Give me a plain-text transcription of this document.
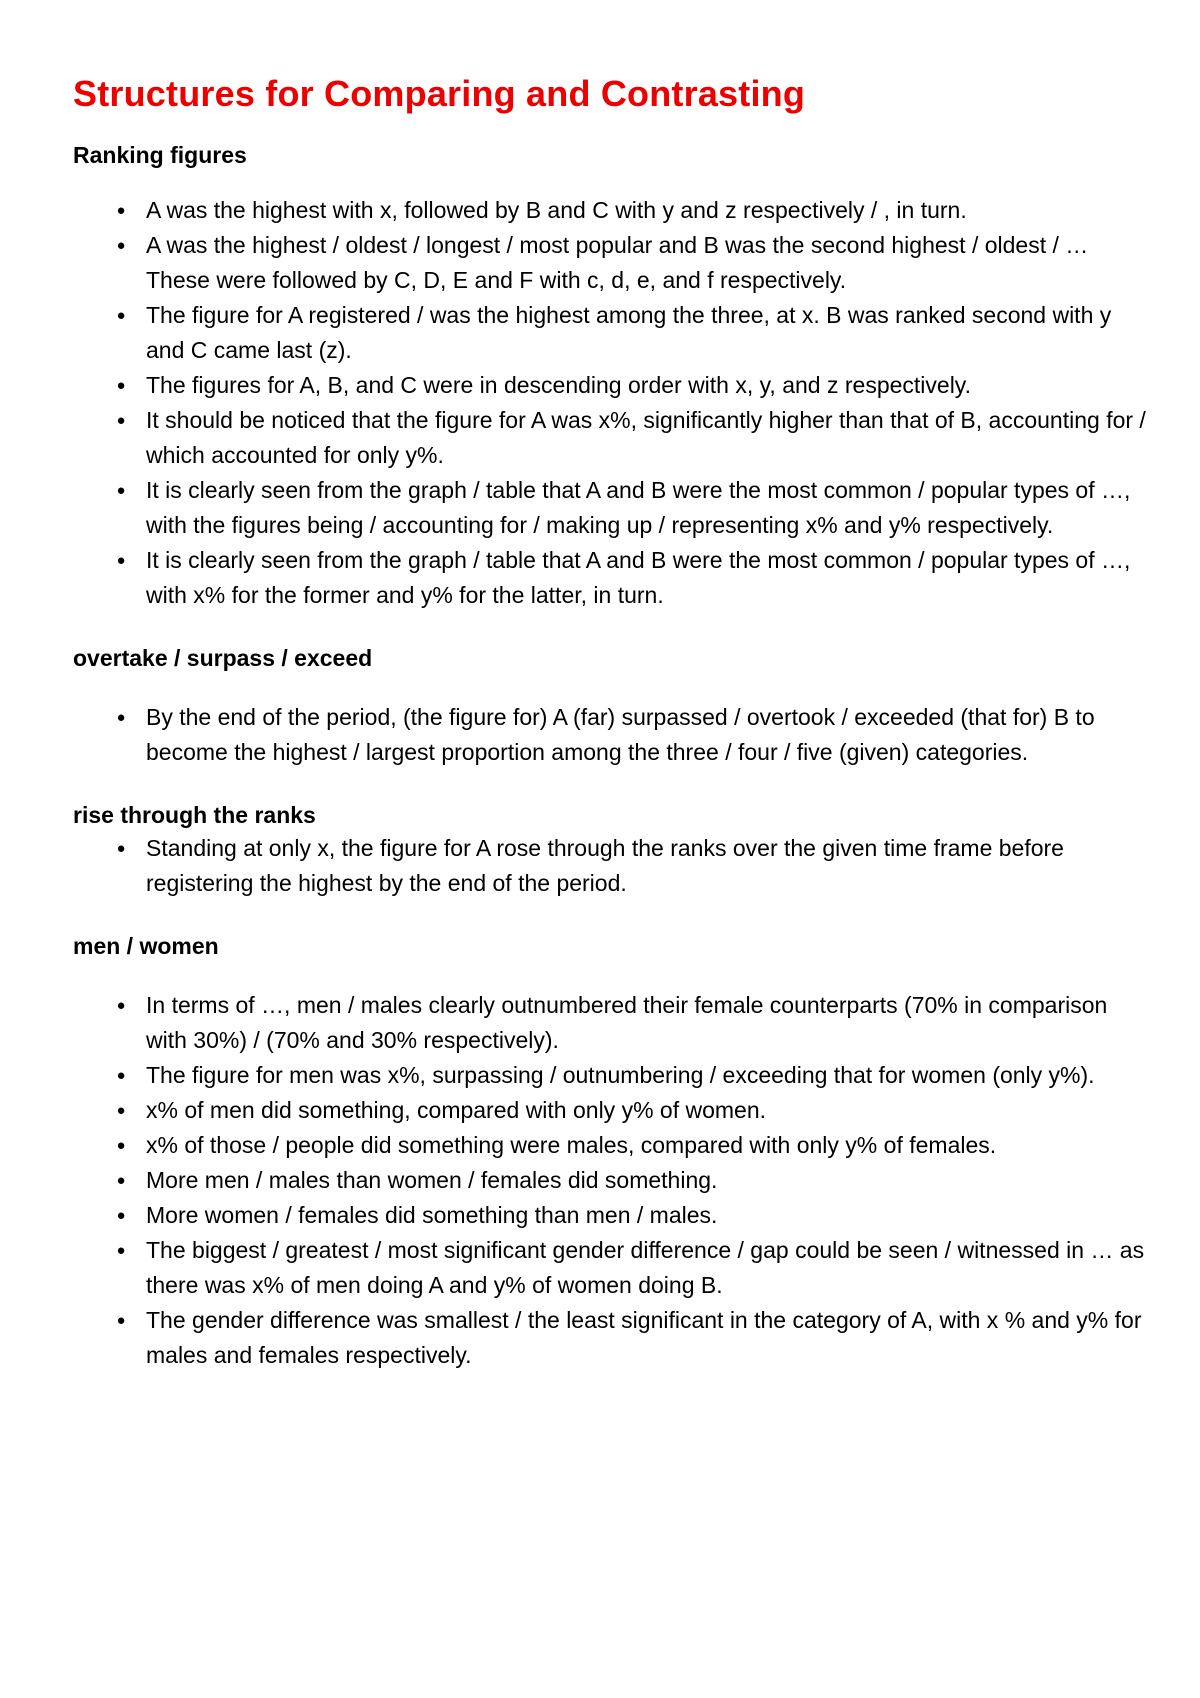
Structures for Comparing and Contrasting
Ranking figures
● A was the highest with x, followed by B and C with y and z respectively / , in turn.
● A was the highest / oldest / longest / most popular and B was the second highest / oldest / … These were followed by C, D, E and F with c, d, e, and f respectively.
● The figure for A registered / was the highest among the three, at x. B was ranked second with y and C came last (z).
● The figures for A, B, and C were in descending order with x, y, and z respectively.
● It should be noticed that the figure for A was x%, significantly higher than that of B, accounting for / which accounted for only y%.
● It is clearly seen from the graph / table that A and B were the most common / popular types of …, with the figures being / accounting for / making up / representing x% and y% respectively.
● It is clearly seen from the graph / table that A and B were the most common / popular types of …, with x% for the former and y% for the latter, in turn.
overtake / surpass / exceed
● By the end of the period, (the figure for) A (far) surpassed / overtook / exceeded (that for) B to become the highest / largest proportion among the three / four / five (given) categories.
rise through the ranks
● Standing at only x, the figure for A rose through the ranks over the given time frame before registering the highest by the end of the period.
men / women
● In terms of …, men / males clearly outnumbered their female counterparts (70% in comparison with 30%) / (70% and 30% respectively).
● The figure for men was x%, surpassing / outnumbering / exceeding that for women (only y%).
● x% of men did something, compared with only y% of women.
● x% of those / people did something were males, compared with only y% of females.
● More men / males than women / females did something.
● More women / females did something than men / males.
● The biggest / greatest / most significant gender difference / gap could be seen / witnessed in … as there was x% of men doing A and y% of women doing B.
● The gender difference was smallest / the least significant in the category of A, with x % and y% for males and females respectively.
